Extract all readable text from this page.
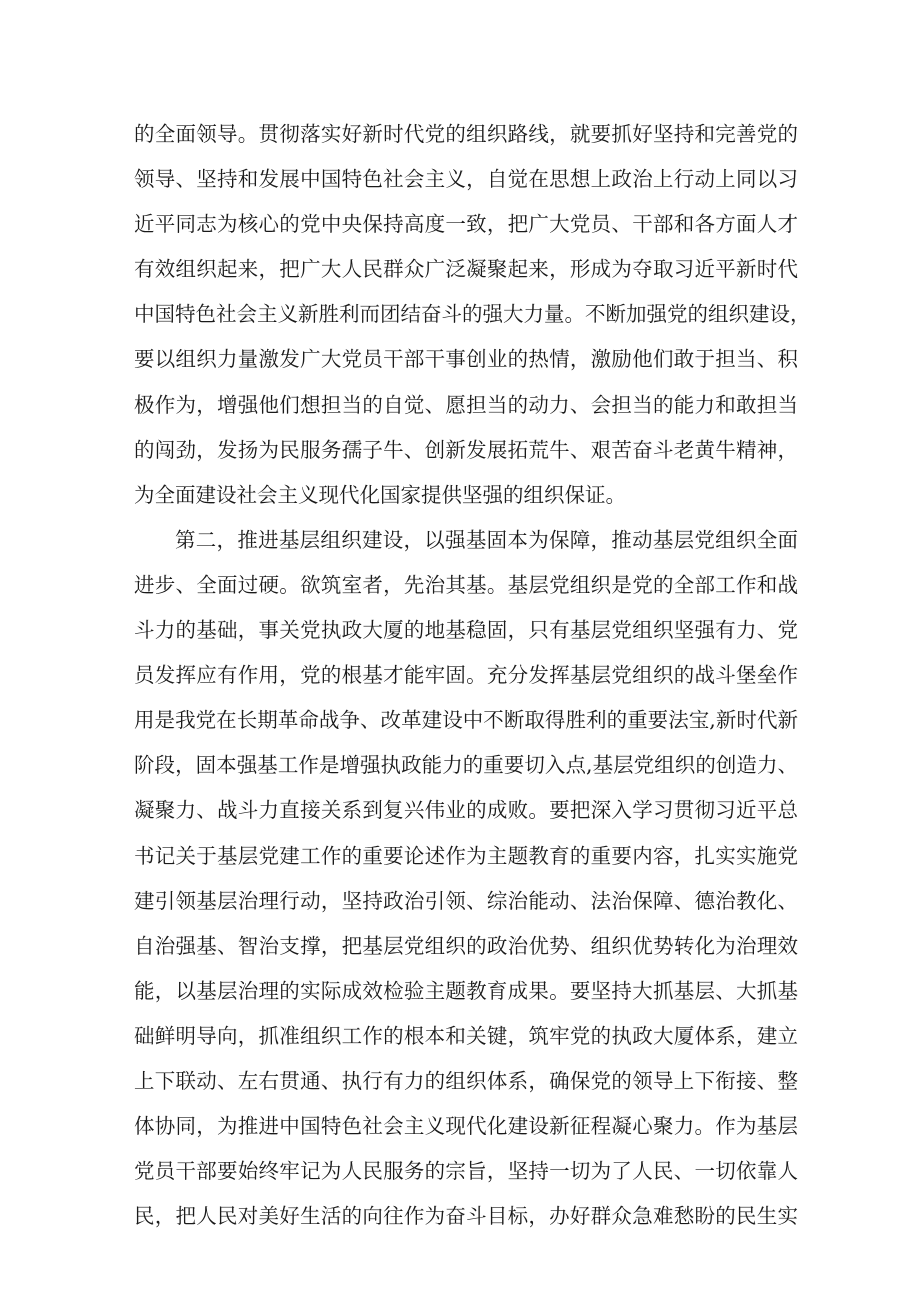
的全面领导。贯彻落实好新时代党的组织路线，就要抓好坚持和完善党的
领导、坚持和发展中国特色社会主义，自觉在思想上政治上行动上同以习
近平同志为核心的党中央保持高度一致，把广大党员、干部和各方面人才
有效组织起来，把广大人民群众广泛凝聚起来，形成为夺取习近平新时代
中国特色社会主义新胜利而团结奋斗的强大力量。不断加强党的组织建设，
要以组织力量激发广大党员干部干事创业的热情，激励他们敢于担当、积
极作为，增强他们想担当的自觉、愿担当的动力、会担当的能力和敢担当
的闯劲，发扬为民服务孺子牛、创新发展拓荒牛、艰苦奋斗老黄牛精神，
为全面建设社会主义现代化国家提供坚强的组织保证。
第二，推进基层组织建设，以强基固本为保障，推动基层党组织全面
进步、全面过硬。欲筑室者，先治其基。基层党组织是党的全部工作和战
斗力的基础，事关党执政大厦的地基稳固，只有基层党组织坚强有力、党
员发挥应有作用，党的根基才能牢固。充分发挥基层党组织的战斗堡垒作
用是我党在长期革命战争、改革建设中不断取得胜利的重要法宝,新时代新
阶段，固本强基工作是增强执政能力的重要切入点,基层党组织的创造力、
凝聚力、战斗力直接关系到复兴伟业的成败。要把深入学习贯彻习近平总
书记关于基层党建工作的重要论述作为主题教育的重要内容，扎实实施党
建引领基层治理行动，坚持政治引领、综治能动、法治保障、德治教化、
自治强基、智治支撑，把基层党组织的政治优势、组织优势转化为治理效
能，以基层治理的实际成效检验主题教育成果。要坚持大抓基层、大抓基
础鲜明导向，抓准组织工作的根本和关键，筑牢党的执政大厦体系，建立
上下联动、左右贯通、执行有力的组织体系，确保党的领导上下衔接、整
体协同，为推进中国特色社会主义现代化建设新征程凝心聚力。作为基层
党员干部要始终牢记为人民服务的宗旨，坚持一切为了人民、一切依靠人
民，把人民对美好生活的向往作为奋斗目标，办好群众急难愁盼的民生实
